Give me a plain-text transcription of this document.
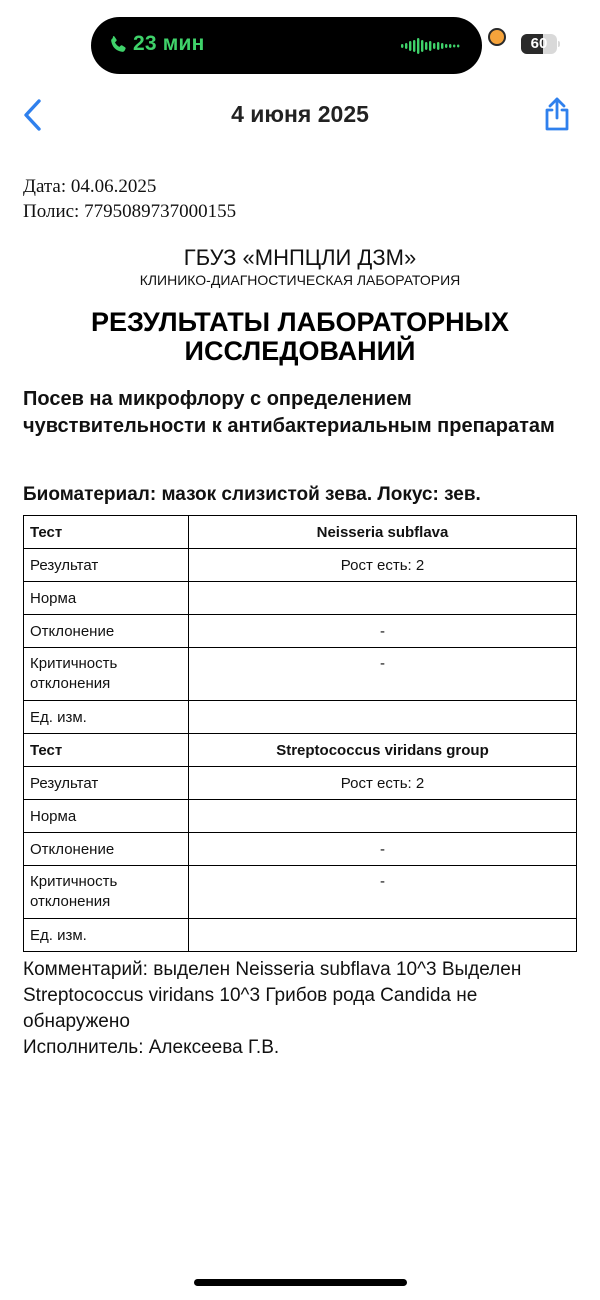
23 мин	60
4 июня 2025
Дата: 04.06.2025
Полис: 7795089737000155
ГБУЗ «МНПЦЛИ ДЗМ»
КЛИНИКО-ДИАГНОСТИЧЕСКАЯ ЛАБОРАТОРИЯ
РЕЗУЛЬТАТЫ ЛАБОРАТОРНЫХ
ИССЛЕДОВАНИЙ
Посев на микрофлору с определением чувствительности к антибактериальным препаратам
Биоматериал: мазок слизистой зева. Локус: зев.
Тест	Neisseria subflava
Результат	Рост есть: 2
Норма	
Отклонение	-
Критичность отклонения	-
Ед. изм.	
Тест	Streptococcus viridans group
Результат	Рост есть: 2
Норма	
Отклонение	-
Критичность отклонения	-
Ед. изм.	
Комментарий: выделен Neisseria subflava 10^3 Выделен Streptococcus viridans 10^3 Грибов рода Candida не обнаружено
Исполнитель: Алексеева Г.В.
